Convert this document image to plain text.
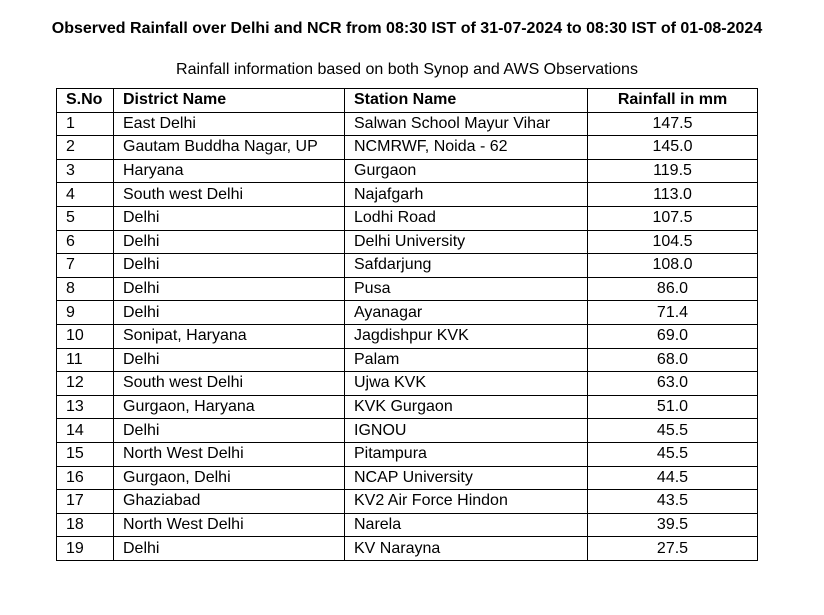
Observed Rainfall over Delhi and NCR from 08:30 IST of 31-07-2024 to 08:30 IST of 01-08-2024
Rainfall information based on both Synop and AWS Observations
S.No	District Name	Station Name	Rainfall in mm
1	East Delhi	Salwan School Mayur Vihar	147.5
2	Gautam Buddha Nagar, UP	NCMRWF, Noida - 62	145.0
3	Haryana	Gurgaon	119.5
4	South west Delhi	Najafgarh	113.0
5	Delhi	Lodhi Road	107.5
6	Delhi	Delhi University	104.5
7	Delhi	Safdarjung	108.0
8	Delhi	Pusa	86.0
9	Delhi	Ayanagar	71.4
10	Sonipat, Haryana	Jagdishpur KVK	69.0
11	Delhi	Palam	68.0
12	South west Delhi	Ujwa KVK	63.0
13	Gurgaon, Haryana	KVK Gurgaon	51.0
14	Delhi	IGNOU	45.5
15	North West Delhi	Pitampura	45.5
16	Gurgaon, Delhi	NCAP University	44.5
17	Ghaziabad	KV2 Air Force Hindon	43.5
18	North West Delhi	Narela	39.5
19	Delhi	KV Narayna	27.5
